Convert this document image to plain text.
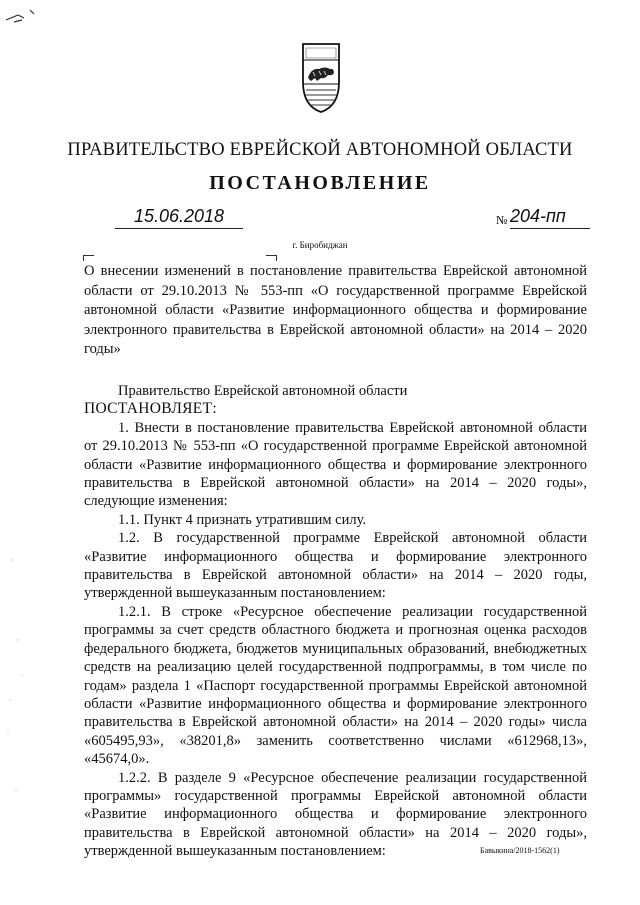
ПРАВИТЕЛЬСТВО ЕВРЕЙСКОЙ АВТОНОМНОЙ ОБЛАСТИ
ПОСТАНОВЛЕНИЕ
15.06.2018	№ 204-пп
г. Биробиджан
О внесении изменений в постановление правительства Еврейской автономной области от 29.10.2013 № 553-пп «О государственной программе Еврейской автономной области «Развитие информационного общества и формирование электронного правительства в Еврейской автономной области» на 2014 – 2020 годы»

Правительство Еврейской автономной области

ПОСТАНОВЛЯЕТ:

1. Внести в постановление правительства Еврейской автономной области от 29.10.2013 № 553-пп «О государственной программе Еврейской автономной области «Развитие информационного общества и формирование электронного правительства в Еврейской автономной области» на 2014 – 2020 годы», следующие изменения:

1.1. Пункт 4 признать утратившим силу.

1.2. В государственной программе Еврейской автономной области «Развитие информационного общества и формирование электронного правительства в Еврейской автономной области» на 2014 – 2020 годы, утвержденной вышеуказанным постановлением:

1.2.1. В строке «Ресурсное обеспечение реализации государственной программы за счет средств областного бюджета и прогнозная оценка расходов федерального бюджета, бюджетов муниципальных образований, внебюджетных средств на реализацию целей государственной подпрограммы, в том числе по годам» раздела 1 «Паспорт государственной программы Еврейской автономной области «Развитие информационного общества и формирование электронного правительства в Еврейской автономной области» на 2014 – 2020 годы» числа «605495,93», «38201,8» заменить соответственно числами «612968,13», «45674,0».

1.2.2. В разделе 9 «Ресурсное обеспечение реализации государственной программы» государственной программы Еврейской автономной области «Развитие информационного общества и формирование электронного правительства в Еврейской автономной области» на 2014 – 2020 годы», утвержденной вышеуказанным постановлением:	Бавыкина/2018-1562(1)
